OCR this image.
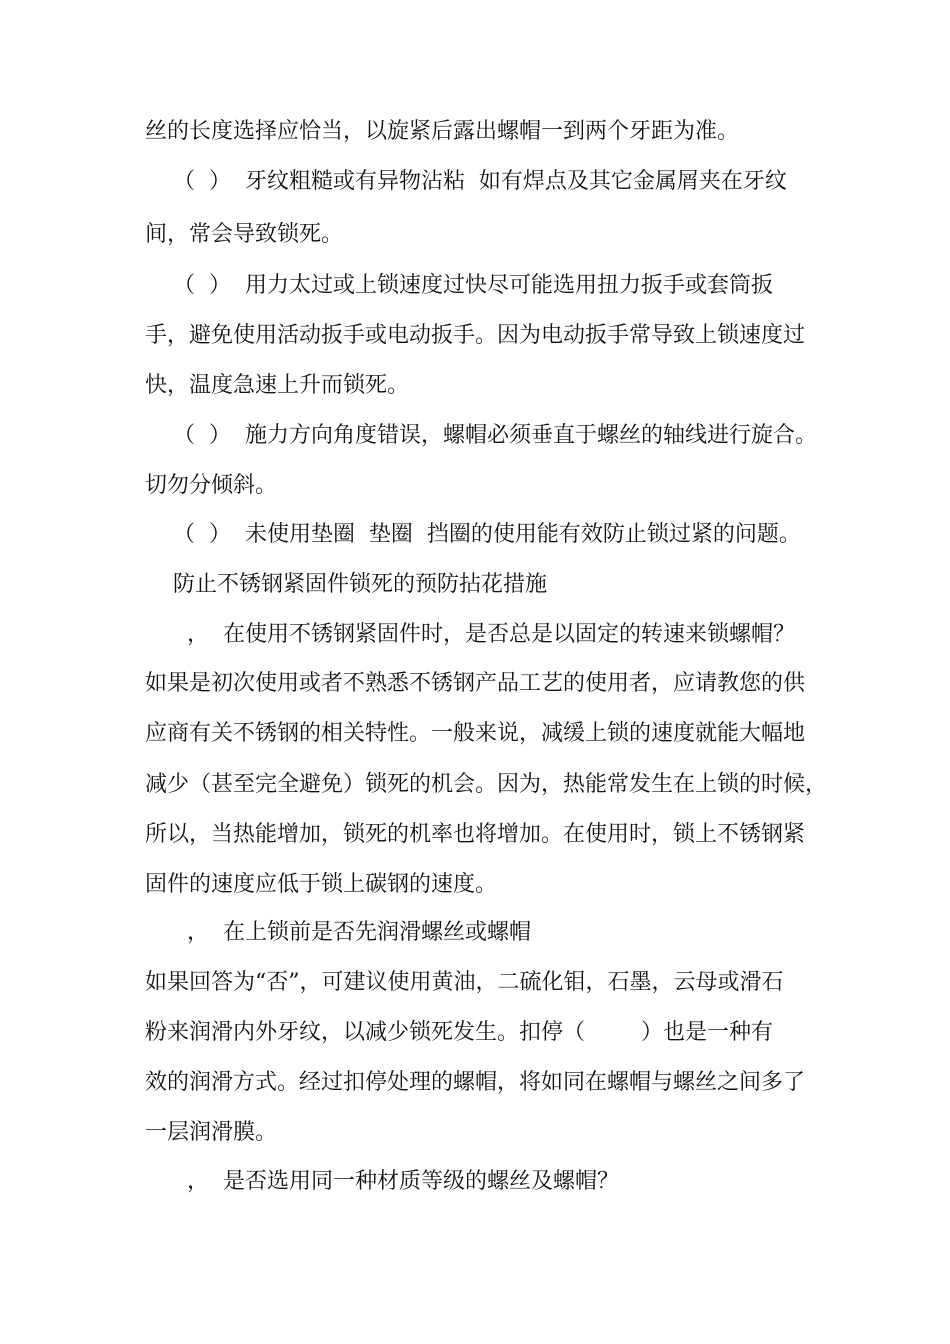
丝的长度选择应恰当，以旋紧后露出螺帽一到两个牙距为准。
（  ）  牙纹粗糙或有异物沾粘  如有焊点及其它金属屑夹在牙纹
间，常会导致锁死。
（  ）  用力太过或上锁速度过快尽可能选用扭力扳手或套筒扳
手，避免使用活动扳手或电动扳手。因为电动扳手常导致上锁速度过
快，温度急速上升而锁死。
（  ）  施力方向角度错误，螺帽必须垂直于螺丝的轴线进行旋合。
切勿分倾斜。
（  ）  未使用垫圈  垫圈  挡圈的使用能有效防止锁过紧的问题。
防止不锈钢紧固件锁死的预防拈花措施
，  在使用不锈钢紧固件时，是否总是以固定的转速来锁螺帽？
如果是初次使用或者不熟悉不锈钢产品工艺的使用者，应请教您的供
应商有关不锈钢的相关特性。一般来说，减缓上锁的速度就能大幅地
减少（甚至完全避免）锁死的机会。因为，热能常发生在上锁的时候，
所以，当热能增加，锁死的机率也将增加。在使用时，锁上不锈钢紧
固件的速度应低于锁上碳钢的速度。
，  在上锁前是否先润滑螺丝或螺帽
如果回答为“否”，可建议使用黄油，二硫化钼，石墨，云母或滑石
粉来润滑内外牙纹，以减少锁死发生。扣停（        ）也是一种有
效的润滑方式。经过扣停处理的螺帽，将如同在螺帽与螺丝之间多了
一层润滑膜。
，  是否选用同一种材质等级的螺丝及螺帽？
